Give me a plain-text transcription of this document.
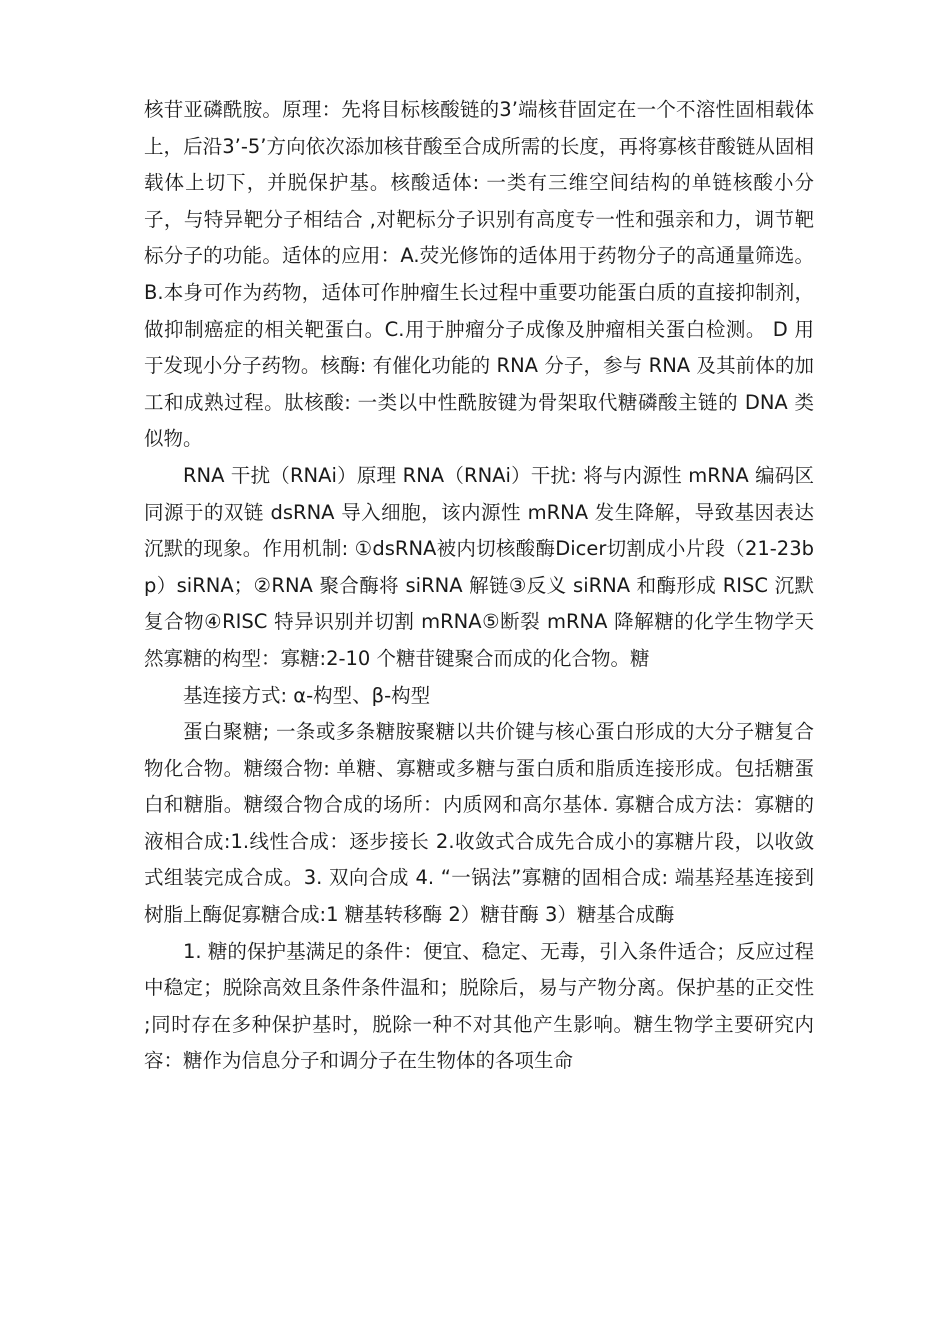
核苷亚磷酰胺。原理：先将目标核酸链的3’端核苷固定在一个不溶性固相载体上，后沿3’-5’方向依次添加核苷酸至合成所需的长度，再将寡核苷酸链从固相载体上切下，并脱保护基。核酸适体: 一类有三维空间结构的单链核酸小分子，与特异靶分子相结合 ,对靶标分子识别有高度专一性和强亲和力，调节靶标分子的功能。适体的应用：A.荧光修饰的适体用于药物分子的高通量筛选。 B.本身可作为药物，适体可作肿瘤生长过程中重要功能蛋白质的直接抑制剂，做抑制癌症的相关靶蛋白。C.用于肿瘤分子成像及肿瘤相关蛋白检测。 D 用于发现小分子药物。核酶: 有催化功能的 RNA 分子，参与 RNA 及其前体的加工和成熟过程。肽核酸: 一类以中性酰胺键为骨架取代糖磷酸主链的 DNA 类似物。

RNA 干扰（RNAi）原理 RNA（RNAi）干扰: 将与内源性 mRNA 编码区同源于的双链 dsRNA 导入细胞，该内源性 mRNA 发生降解，导致基因表达沉默的现象。作用机制: ①dsRNA被内切核酸酶Dicer切割成小片段（21-23bp）siRNA；②RNA 聚合酶将 siRNA 解链③反义 siRNA 和酶形成 RISC 沉默复合物④RISC 特异识别并切割 mRNA⑤断裂 mRNA 降解糖的化学生物学天然寡糖的构型：寡糖:2-10 个糖苷键聚合而成的化合物。糖

基连接方式: α-构型、β-构型

蛋白聚糖; 一条或多条糖胺聚糖以共价键与核心蛋白形成的大分子糖复合物化合物。糖缀合物: 单糖、寡糖或多糖与蛋白质和脂质连接形成。包括糖蛋白和糖脂。糖缀合物合成的场所：内质网和高尔基体. 寡糖合成方法：寡糖的液相合成:1.线性合成：逐步接长 2.收敛式合成先合成小的寡糖片段，以收敛式组装完成合成。3. 双向合成 4. “一锅法”寡糖的固相合成: 端基羟基连接到树脂上酶促寡糖合成:1 糖基转移酶 2）糖苷酶 3）糖基合成酶

1. 糖的保护基满足的条件：便宜、稳定、无毒，引入条件适合；反应过程中稳定；脱除高效且条件条件温和；脱除后，易与产物分离。保护基的正交性 ;同时存在多种保护基时，脱除一种不对其他产生影响。糖生物学主要研究内容：糖作为信息分子和调分子在生物体的各项生命
